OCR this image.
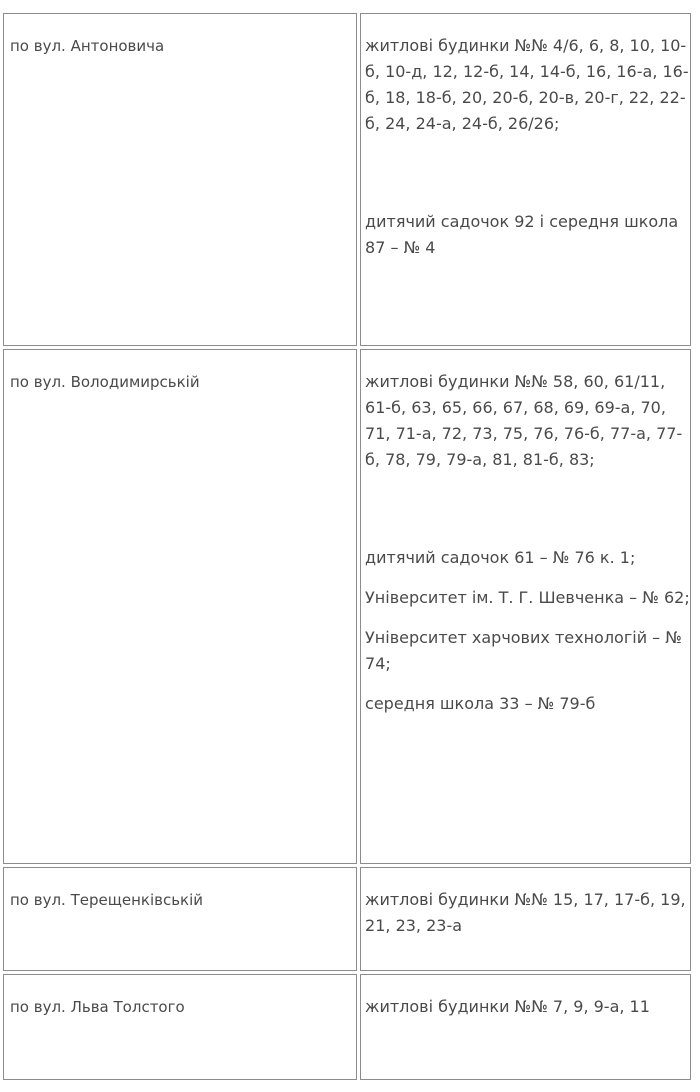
по вул. Антоновича	житлові будинки №№ 4/6, 6, 8, 10, 10-б, 10-д, 12, 12-б, 14, 14-б, 16, 16-а, 16-б, 18, 18-б, 20, 20-б, 20-в, 20-г, 22, 22-б, 24, 24-а, 24-б, 26/26;

дитячий садочок 92 і середня школа 87 – № 4

по вул. Володимирській	житлові будинки №№ 58, 60, 61/11, 61-б, 63, 65, 66, 67, 68, 69, 69-а, 70, 71, 71-а, 72, 73, 75, 76, 76-б, 77-а, 77-б, 78, 79, 79-а, 81, 81-б, 83;

дитячий садочок 61 – № 76 к. 1;

Університет ім. Т. Г. Шевченка – № 62;

Університет харчових технологій – № 74;

середня школа 33 – № 79-б

по вул. Терещенківській	житлові будинки №№ 15, 17, 17-б, 19, 21, 23, 23-а

по вул. Льва Толстого	житлові будинки №№ 7, 9, 9-а, 11
